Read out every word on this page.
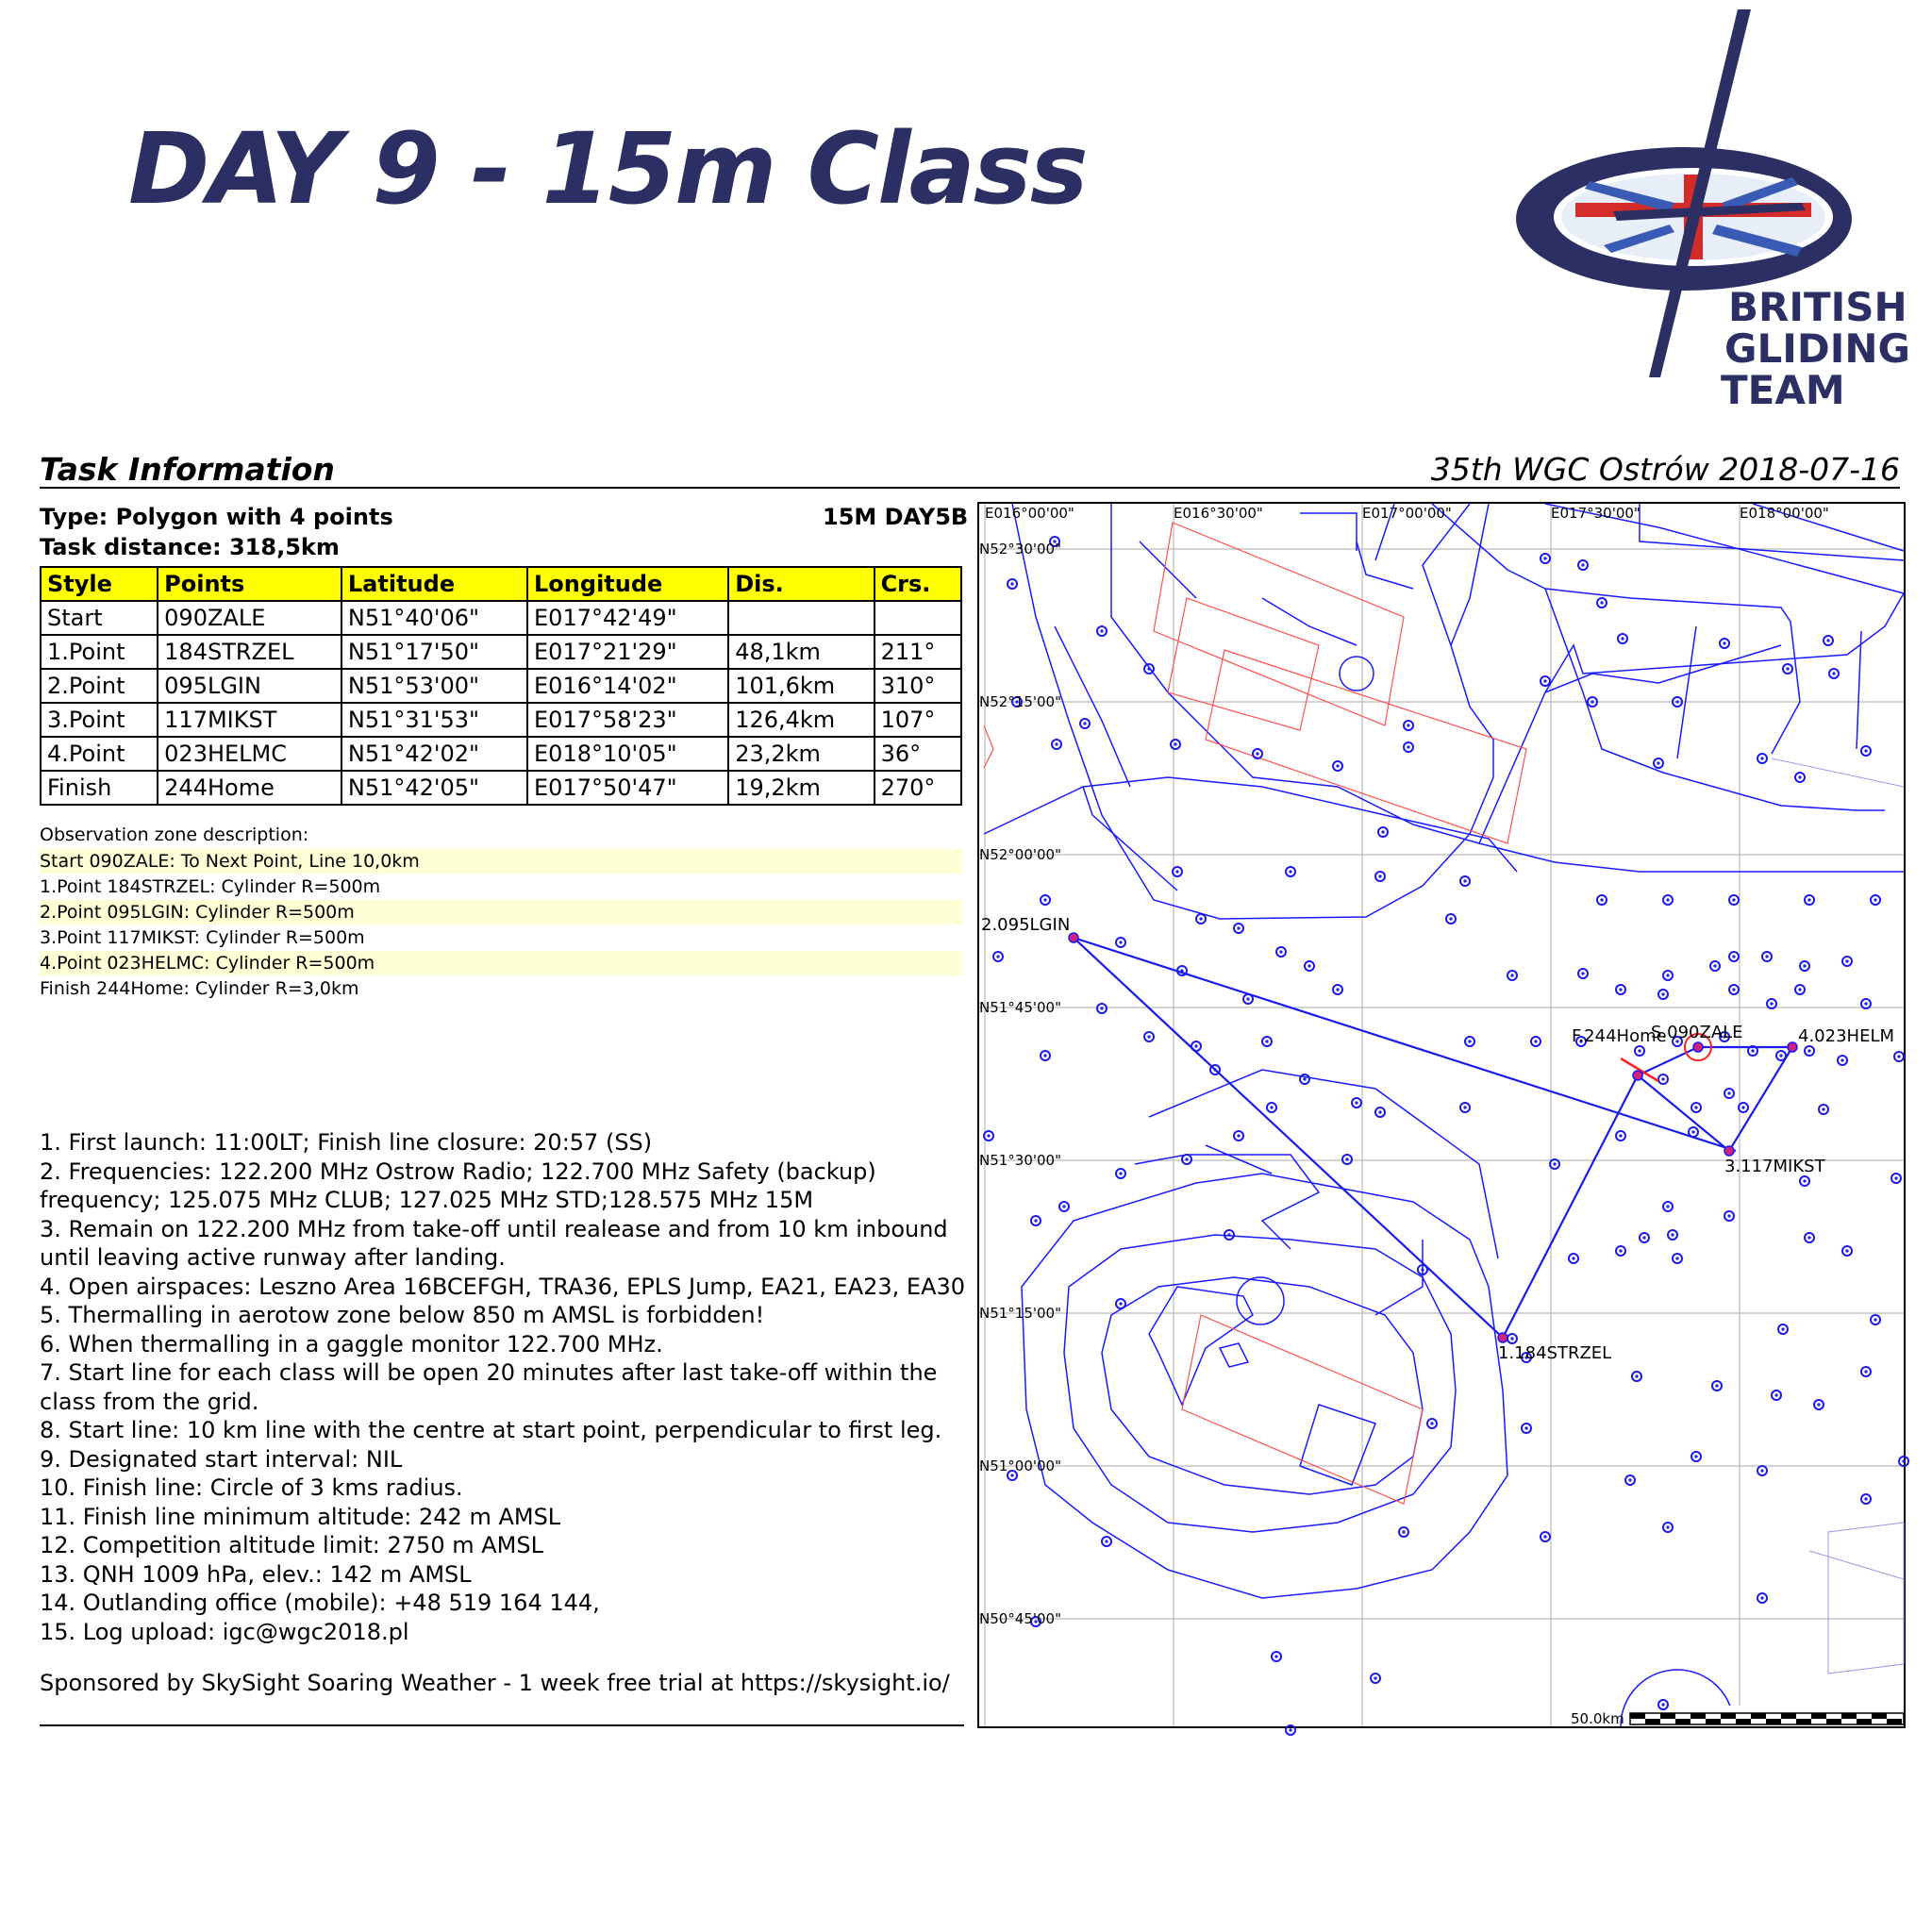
DAY 9 - 15m Class
BRITISH
GLIDING
TEAM
Task Information	35th WGC Ostrów 2018-07-16
Type: Polygon with 4 points
Task distance: 318,5km
15M DAY5B
Style	Points	Latitude	Longitude	Dis.	Crs.
Start	090ZALE	N51°40'06"	E017°42'49"		
1.Point	184STRZEL	N51°17'50"	E017°21'29"	48,1km	211°
2.Point	095LGIN	N51°53'00"	E016°14'02"	101,6km	310°
3.Point	117MIKST	N51°31'53"	E017°58'23"	126,4km	107°
4.Point	023HELMC	N51°42'02"	E018°10'05"	23,2km	36°
Finish	244Home	N51°42'05"	E017°50'47"	19,2km	270°
Observation zone description:
Start 090ZALE: To Next Point, Line 10,0km
1.Point 184STRZEL: Cylinder R=500m
2.Point 095LGIN: Cylinder R=500m
3.Point 117MIKST: Cylinder R=500m
4.Point 023HELMC: Cylinder R=500m
Finish 244Home: Cylinder R=3,0km
1. First launch: 11:00LT; Finish line closure: 20:57 (SS)
2. Frequencies: 122.200 MHz Ostrow Radio; 122.700 MHz Safety (backup) frequency; 125.075 MHz CLUB; 127.025 MHz STD;128.575 MHz 15M
3. Remain on 122.200 MHz from take-off until realease and from 10 km inbound until leaving active runway after landing.
4. Open airspaces: Leszno Area 16BCEFGH, TRA36, EPLS Jump, EA21, EA23, EA30
5. Thermalling in aerotow zone below 850 m AMSL is forbidden!
6. When thermalling in a gaggle monitor 122.700 MHz.
7. Start line for each class will be open 20 minutes after last take-off within the class from the grid.
8. Start line: 10 km line with the centre at start point, perpendicular to first leg.
9. Designated start interval: NIL
10. Finish line: Circle of 3 kms radius.
11. Finish line minimum altitude: 242 m AMSL
12. Competition altitude limit: 2750 m AMSL
13. QNH 1009 hPa, elev.: 142 m AMSL
14. Outlanding office (mobile): +48 519 164 144,
15. Log upload: igc@wgc2018.pl
Sponsored by SkySight Soaring Weather - 1 week free trial at https://skysight.io/
50.0km
E016°00'00"	E016°30'00"	E017°00'00"	E017°30'00"	E018°00'00"
N52°30'00"
N52°15'00"
N52°00'00"
N51°45'00"
N51°30'00"
N51°15'00"
N51°00'00"
N50°45'00"
2.095LGIN
1.184STRZEL
3.117MIKST
4.023HELM
S.090ZALE
F.244Home
